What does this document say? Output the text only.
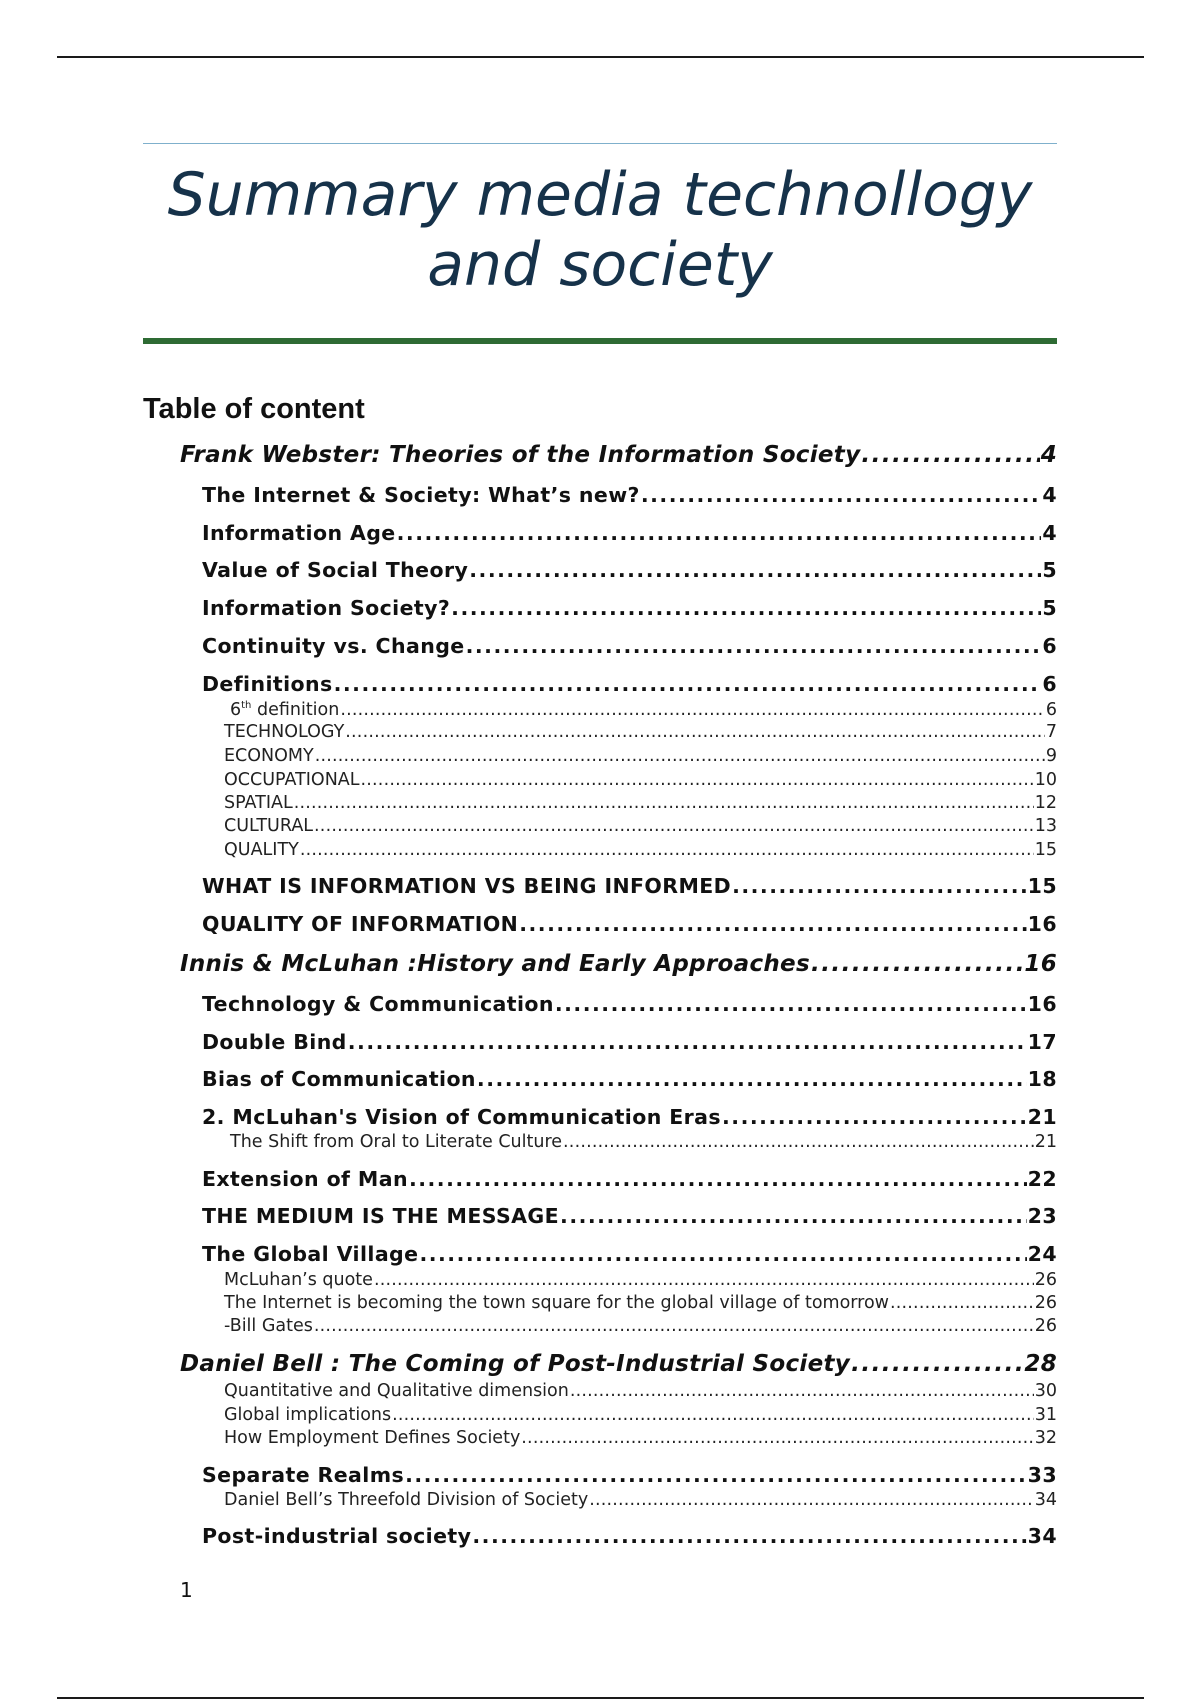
Summary media technollogy and society
Table of content
Frank Webster: Theories of the Information Society .....	4
The Internet & Society: What’s new? .....	4
Information Age .....	4
Value of Social Theory .....	5
Information Society? .....	5
Continuity vs. Change .....	6
Definitions .....	6
6th definition .....	6
TECHNOLOGY .....	7
ECONOMY .....	9
OCCUPATIONAL .....	10
SPATIAL .....	12
CULTURAL .....	13
QUALITY .....	15
WHAT IS INFORMATION VS BEING INFORMED .....	15
QUALITY OF INFORMATION .....	16
Innis & McLuhan :History and Early Approaches .....	16
Technology & Communication .....	16
Double Bind .....	17
Bias of Communication .....	18
2. McLuhan's Vision of Communication Eras .....	21
The Shift from Oral to Literate Culture .....	21
Extension of Man .....	22
THE MEDIUM IS THE MESSAGE .....	23
The Global Village .....	24
McLuhan’s quote .....	26
The Internet is becoming the town square for the global village of tomorrow .....	26
-Bill Gates .....	26
Daniel Bell : The Coming of Post-Industrial Society .....	28
Quantitative and Qualitative dimension .....	30
Global implications .....	31
How Employment Defines Society .....	32
Separate Realms .....	33
Daniel Bell’s Threefold Division of Society .....	34
Post-industrial society .....	34
1
